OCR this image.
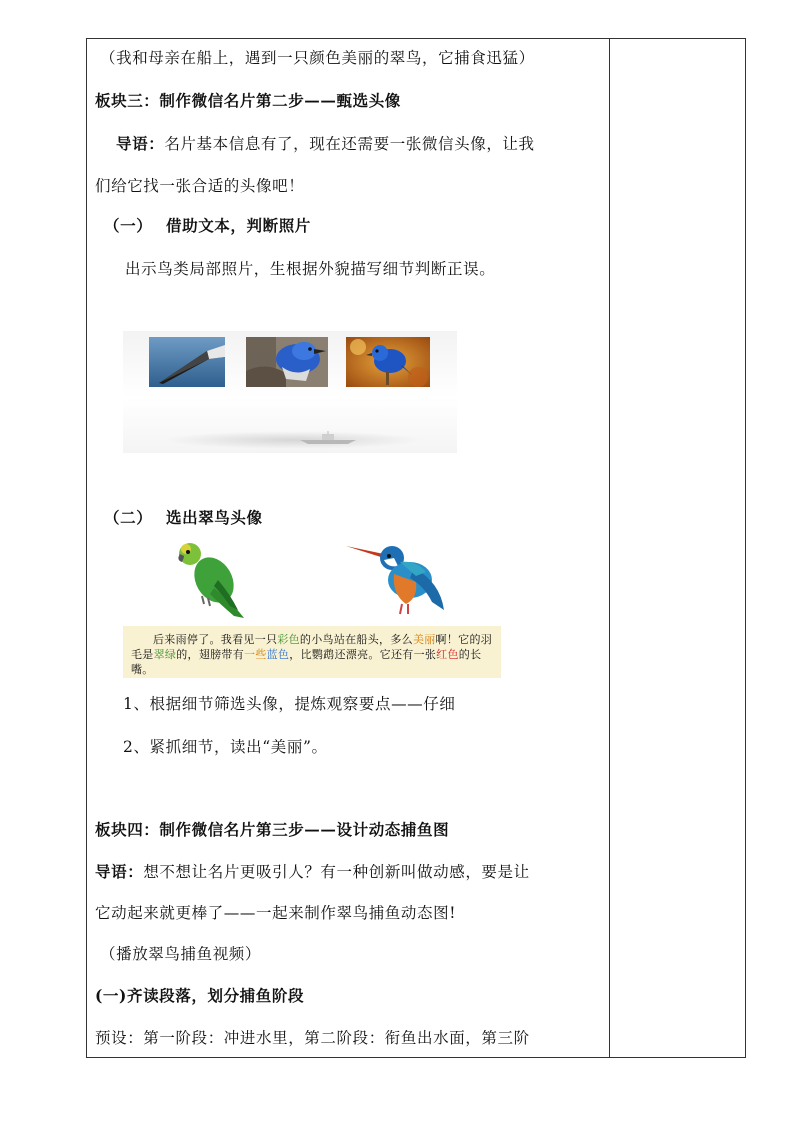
（我和母亲在船上，遇到一只颜色美丽的翠鸟，它捕食迅猛）
板块三：制作微信名片第二步——甄选头像
导语：名片基本信息有了，现在还需要一张微信头像，让我
们给它找一张合适的头像吧！
（一） 借助文本，判断照片
出示鸟类局部照片，生根据外貌描写细节判断正误。
（二） 选出翠鸟头像
后来雨停了。我看见一只彩色的小鸟站在船头，多么美丽啊！它的羽毛是翠绿的，翅膀带有一些蓝色，比鹦鹉还漂亮。它还有一张红色的长嘴。
1、根据细节筛选头像，提炼观察要点——仔细
2、紧抓细节，读出“美丽”。
板块四：制作微信名片第三步——设计动态捕鱼图
导语：想不想让名片更吸引人？有一种创新叫做动感，要是让
它动起来就更棒了——一起来制作翠鸟捕鱼动态图!
（播放翠鸟捕鱼视频）
(一)齐读段落，划分捕鱼阶段
预设：第一阶段：冲进水里，第二阶段：衔鱼出水面，第三阶
